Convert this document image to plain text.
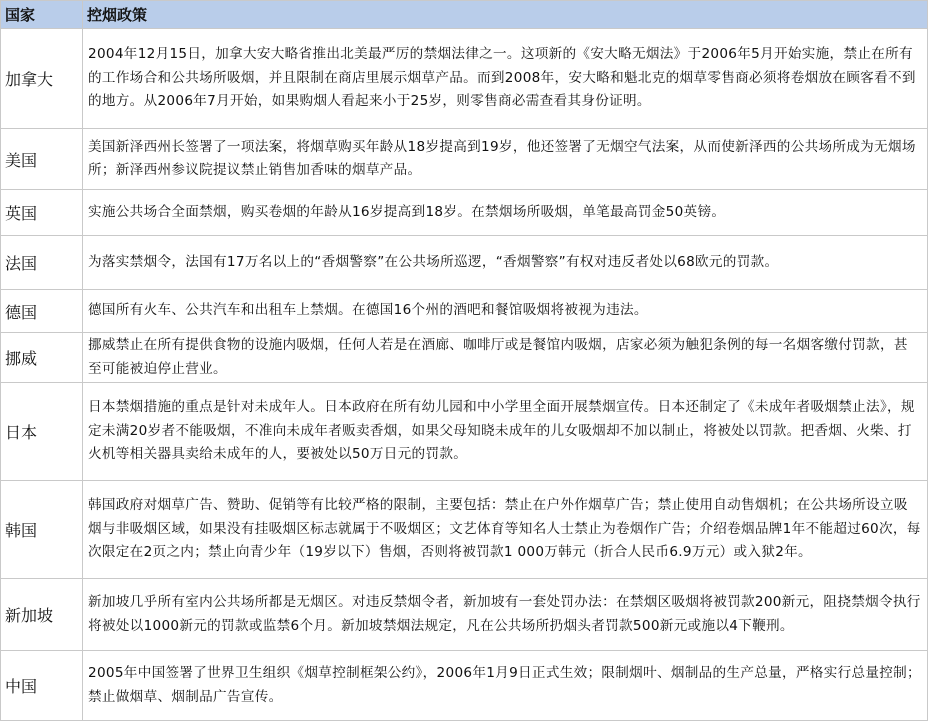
国家	控烟政策
加拿大	2004年12月15日，加拿大安大略省推出北美最严厉的禁烟法律之一。这项新的《安大略无烟法》于2006年5月开始实施，禁止在所有的工作场合和公共场所吸烟，并且限制在商店里展示烟草产品。而到2008年，安大略和魁北克的烟草零售商必须将卷烟放在顾客看不到的地方。从2006年7月开始，如果购烟人看起来小于25岁，则零售商必需查看其身份证明。
美国	美国新泽西州长签署了一项法案，将烟草购买年龄从18岁提高到19岁，他还签署了无烟空气法案，从而使新泽西的公共场所成为无烟场所；新泽西州参议院提议禁止销售加香味的烟草产品。
英国	实施公共场合全面禁烟，购买卷烟的年龄从16岁提高到18岁。在禁烟场所吸烟，单笔最高罚金50英镑。
法国	为落实禁烟令，法国有17万名以上的“香烟警察”在公共场所巡逻，“香烟警察”有权对违反者处以68欧元的罚款。
德国	德国所有火车、公共汽车和出租车上禁烟。在德国16个州的酒吧和餐馆吸烟将被视为违法。
挪威	挪威禁止在所有提供食物的设施内吸烟，任何人若是在酒廊、咖啡厅或是餐馆内吸烟，店家必须为触犯条例的每一名烟客缴付罚款，甚至可能被迫停止营业。
日本	日本禁烟措施的重点是针对未成年人。日本政府在所有幼儿园和中小学里全面开展禁烟宣传。日本还制定了《未成年者吸烟禁止法》，规定未满20岁者不能吸烟，不准向未成年者贩卖香烟，如果父母知晓未成年的儿女吸烟却不加以制止，将被处以罚款。把香烟、火柴、打火机等相关器具卖给未成年的人，要被处以50万日元的罚款。
韩国	韩国政府对烟草广告、赞助、促销等有比较严格的限制，主要包括：禁止在户外作烟草广告；禁止使用自动售烟机；在公共场所设立吸烟与非吸烟区域，如果没有挂吸烟区标志就属于不吸烟区；文艺体育等知名人士禁止为卷烟作广告；介绍卷烟品牌1年不能超过60次，每次限定在2页之内；禁止向青少年（19岁以下）售烟，否则将被罚款1 000万韩元（折合人民币6.9万元）或入狱2年。
新加坡	新加坡几乎所有室内公共场所都是无烟区。对违反禁烟令者，新加坡有一套处罚办法：在禁烟区吸烟将被罚款200新元，阻挠禁烟令执行将被处以1000新元的罚款或监禁6个月。新加坡禁烟法规定，凡在公共场所扔烟头者罚款500新元或施以4下鞭刑。
中国	2005年中国签署了世界卫生组织《烟草控制框架公约》，2006年1月9日正式生效；限制烟叶、烟制品的生产总量，严格实行总量控制；禁止做烟草、烟制品广告宣传。
